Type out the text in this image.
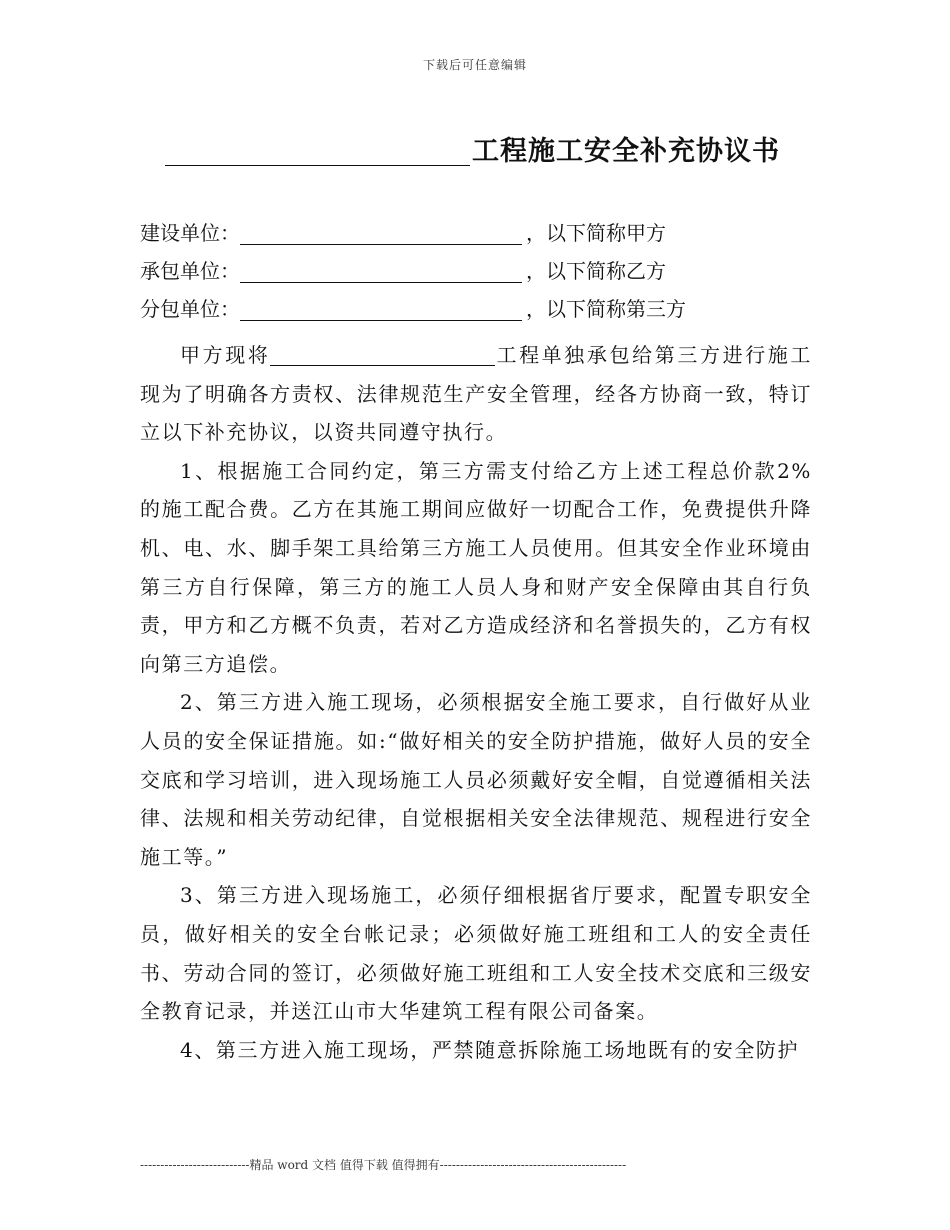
下载后可任意编辑
工程施工安全补充协议书
建设单位：	，以下简称甲方
承包单位：	，以下简称乙方
分包单位：	，以下简称第三方

甲方现将	工程单独承包给第三方进行施工现为了明确各方责权、法律规范生产安全管理，经各方协商一致，特订立以下补充协议，以资共同遵守执行。

1、根据施工合同约定，第三方需支付给乙方上述工程总价款2%的施工配合费。乙方在其施工期间应做好一切配合工作，免费提供升降机、电、水、脚手架工具给第三方施工人员使用。但其安全作业环境由第三方自行保障，第三方的施工人员人身和财产安全保障由其自行负责，甲方和乙方概不负责，若对乙方造成经济和名誉损失的，乙方有权向第三方追偿。

2、第三方进入施工现场，必须根据安全施工要求，自行做好从业人员的安全保证措施。如:“做好相关的安全防护措施，做好人员的安全交底和学习培训，进入现场施工人员必须戴好安全帽，自觉遵循相关法律、法规和相关劳动纪律，自觉根据相关安全法律规范、规程进行安全施工等。”

3、第三方进入现场施工，必须仔细根据省厅要求，配置专职安全员，做好相关的安全台帐记录；必须做好施工班组和工人的安全责任书、劳动合同的签订，必须做好施工班组和工人安全技术交底和三级安全教育记录，并送江山市大华建筑工程有限公司备案。

4、第三方进入施工现场，严禁随意拆除施工场地既有的安全防护

---------------------------精品 word 文档 值得下载 值得拥有----------------------------------------------
